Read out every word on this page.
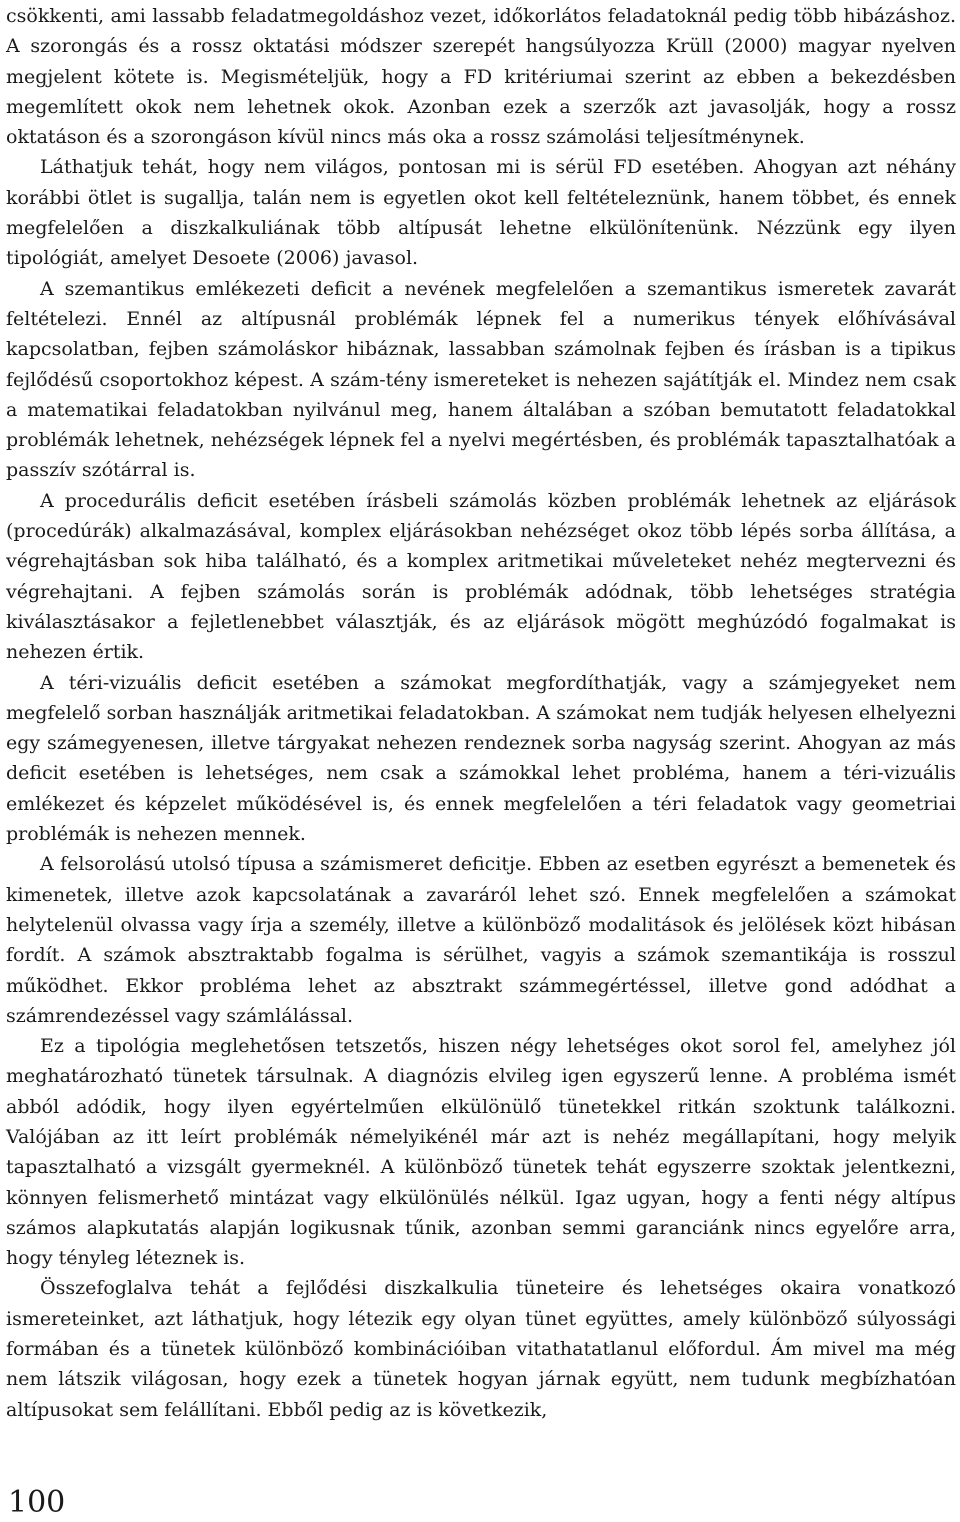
csökkenti, ami lassabb feladatmegoldáshoz vezet, időkorlátos feladatoknál pedig több hibázáshoz. A szorongás és a rossz oktatási módszer szerepét hangsúlyozza Krüll (2000) magyar nyelven megjelent kötete is. Megismételjük, hogy a FD kritériumai szerint az ebben a bekezdésben megemlített okok nem lehetnek okok. Azonban ezek a szerzők azt javasolják, hogy a rossz oktatáson és a szorongáson kívül nincs más oka a rossz számolási teljesítménynek.

Láthatjuk tehát, hogy nem világos, pontosan mi is sérül FD esetében. Ahogyan azt néhány korábbi ötlet is sugallja, talán nem is egyetlen okot kell feltételeznünk, hanem többet, és ennek megfelelően a diszkalkuliának több altípusát lehetne elkülönítenünk. Nézzünk egy ilyen tipológiát, amelyet Desoete (2006) javasol.

A szemantikus emlékezeti deficit a nevének megfelelően a szemantikus ismeretek zavarát feltételezi. Ennél az altípusnál problémák lépnek fel a numerikus tények előhívásával kapcsolatban, fejben számoláskor hibáznak, lassabban számolnak fejben és írásban is a tipikus fejlődésű csoportokhoz képest. A szám-tény ismereteket is nehezen sajátítják el. Mindez nem csak a matematikai feladatokban nyilvánul meg, hanem általában a szóban bemutatott feladatokkal problémák lehetnek, nehézségek lépnek fel a nyelvi megértésben, és problémák tapasztalhatóak a passzív szótárral is.

A procedurális deficit esetében írásbeli számolás közben problémák lehetnek az eljárások (procedúrák) alkalmazásával, komplex eljárásokban nehézséget okoz több lépés sorba állítása, a végrehajtásban sok hiba található, és a komplex aritmetikai műveleteket nehéz megtervezni és végrehajtani. A fejben számolás során is problémák adódnak, több lehetséges stratégia kiválasztásakor a fejletlenebbet választják, és az eljárások mögött meghúzódó fogalmakat is nehezen értik.

A téri-vizuális deficit esetében a számokat megfordíthatják, vagy a számjegyeket nem megfelelő sorban használják aritmetikai feladatokban. A számokat nem tudják helyesen elhelyezni egy számegyenesen, illetve tárgyakat nehezen rendeznek sorba nagyság szerint. Ahogyan az más deficit esetében is lehetséges, nem csak a számokkal lehet probléma, hanem a téri-vizuális emlékezet és képzelet működésével is, és ennek megfelelően a téri feladatok vagy geometriai problémák is nehezen mennek.

A felsorolású utolsó típusa a számismeret deficitje. Ebben az esetben egyrészt a bemenetek és kimenetek, illetve azok kapcsolatának a zavaráról lehet szó. Ennek megfelelően a számokat helytelenül olvassa vagy írja a személy, illetve a különböző modalitások és jelölések közt hibásan fordít. A számok absztraktabb fogalma is sérülhet, vagyis a számok szemantikája is rosszul működhet. Ekkor probléma lehet az absztrakt számmegértéssel, illetve gond adódhat a számrendezéssel vagy számlálással.

Ez a tipológia meglehetősen tetszetős, hiszen négy lehetséges okot sorol fel, amelyhez jól meghatározható tünetek társulnak. A diagnózis elvileg igen egyszerű lenne. A probléma ismét abból adódik, hogy ilyen egyértelműen elkülönülő tünetekkel ritkán szoktunk találkozni. Valójában az itt leírt problémák némelyikénél már azt is nehéz megállapítani, hogy melyik tapasztalható a vizsgált gyermeknél. A különböző tünetek tehát egyszerre szoktak jelentkezni, könnyen felismerhető mintázat vagy elkülönülés nélkül. Igaz ugyan, hogy a fenti négy altípus számos alapkutatás alapján logikusnak tűnik, azonban semmi garanciánk nincs egyelőre arra, hogy tényleg léteznek is.

Összefoglalva tehát a fejlődési diszkalkulia tüneteire és lehetséges okaira vonatkozó ismereteinket, azt láthatjuk, hogy létezik egy olyan tünet együttes, amely különböző súlyossági formában és a tünetek különböző kombinációiban vitathatatlanul előfordul. Ám mivel ma még nem látszik világosan, hogy ezek a tünetek hogyan járnak együtt, nem tudunk megbízhatóan altípusokat sem felállítani. Ebből pedig az is következik,

100
